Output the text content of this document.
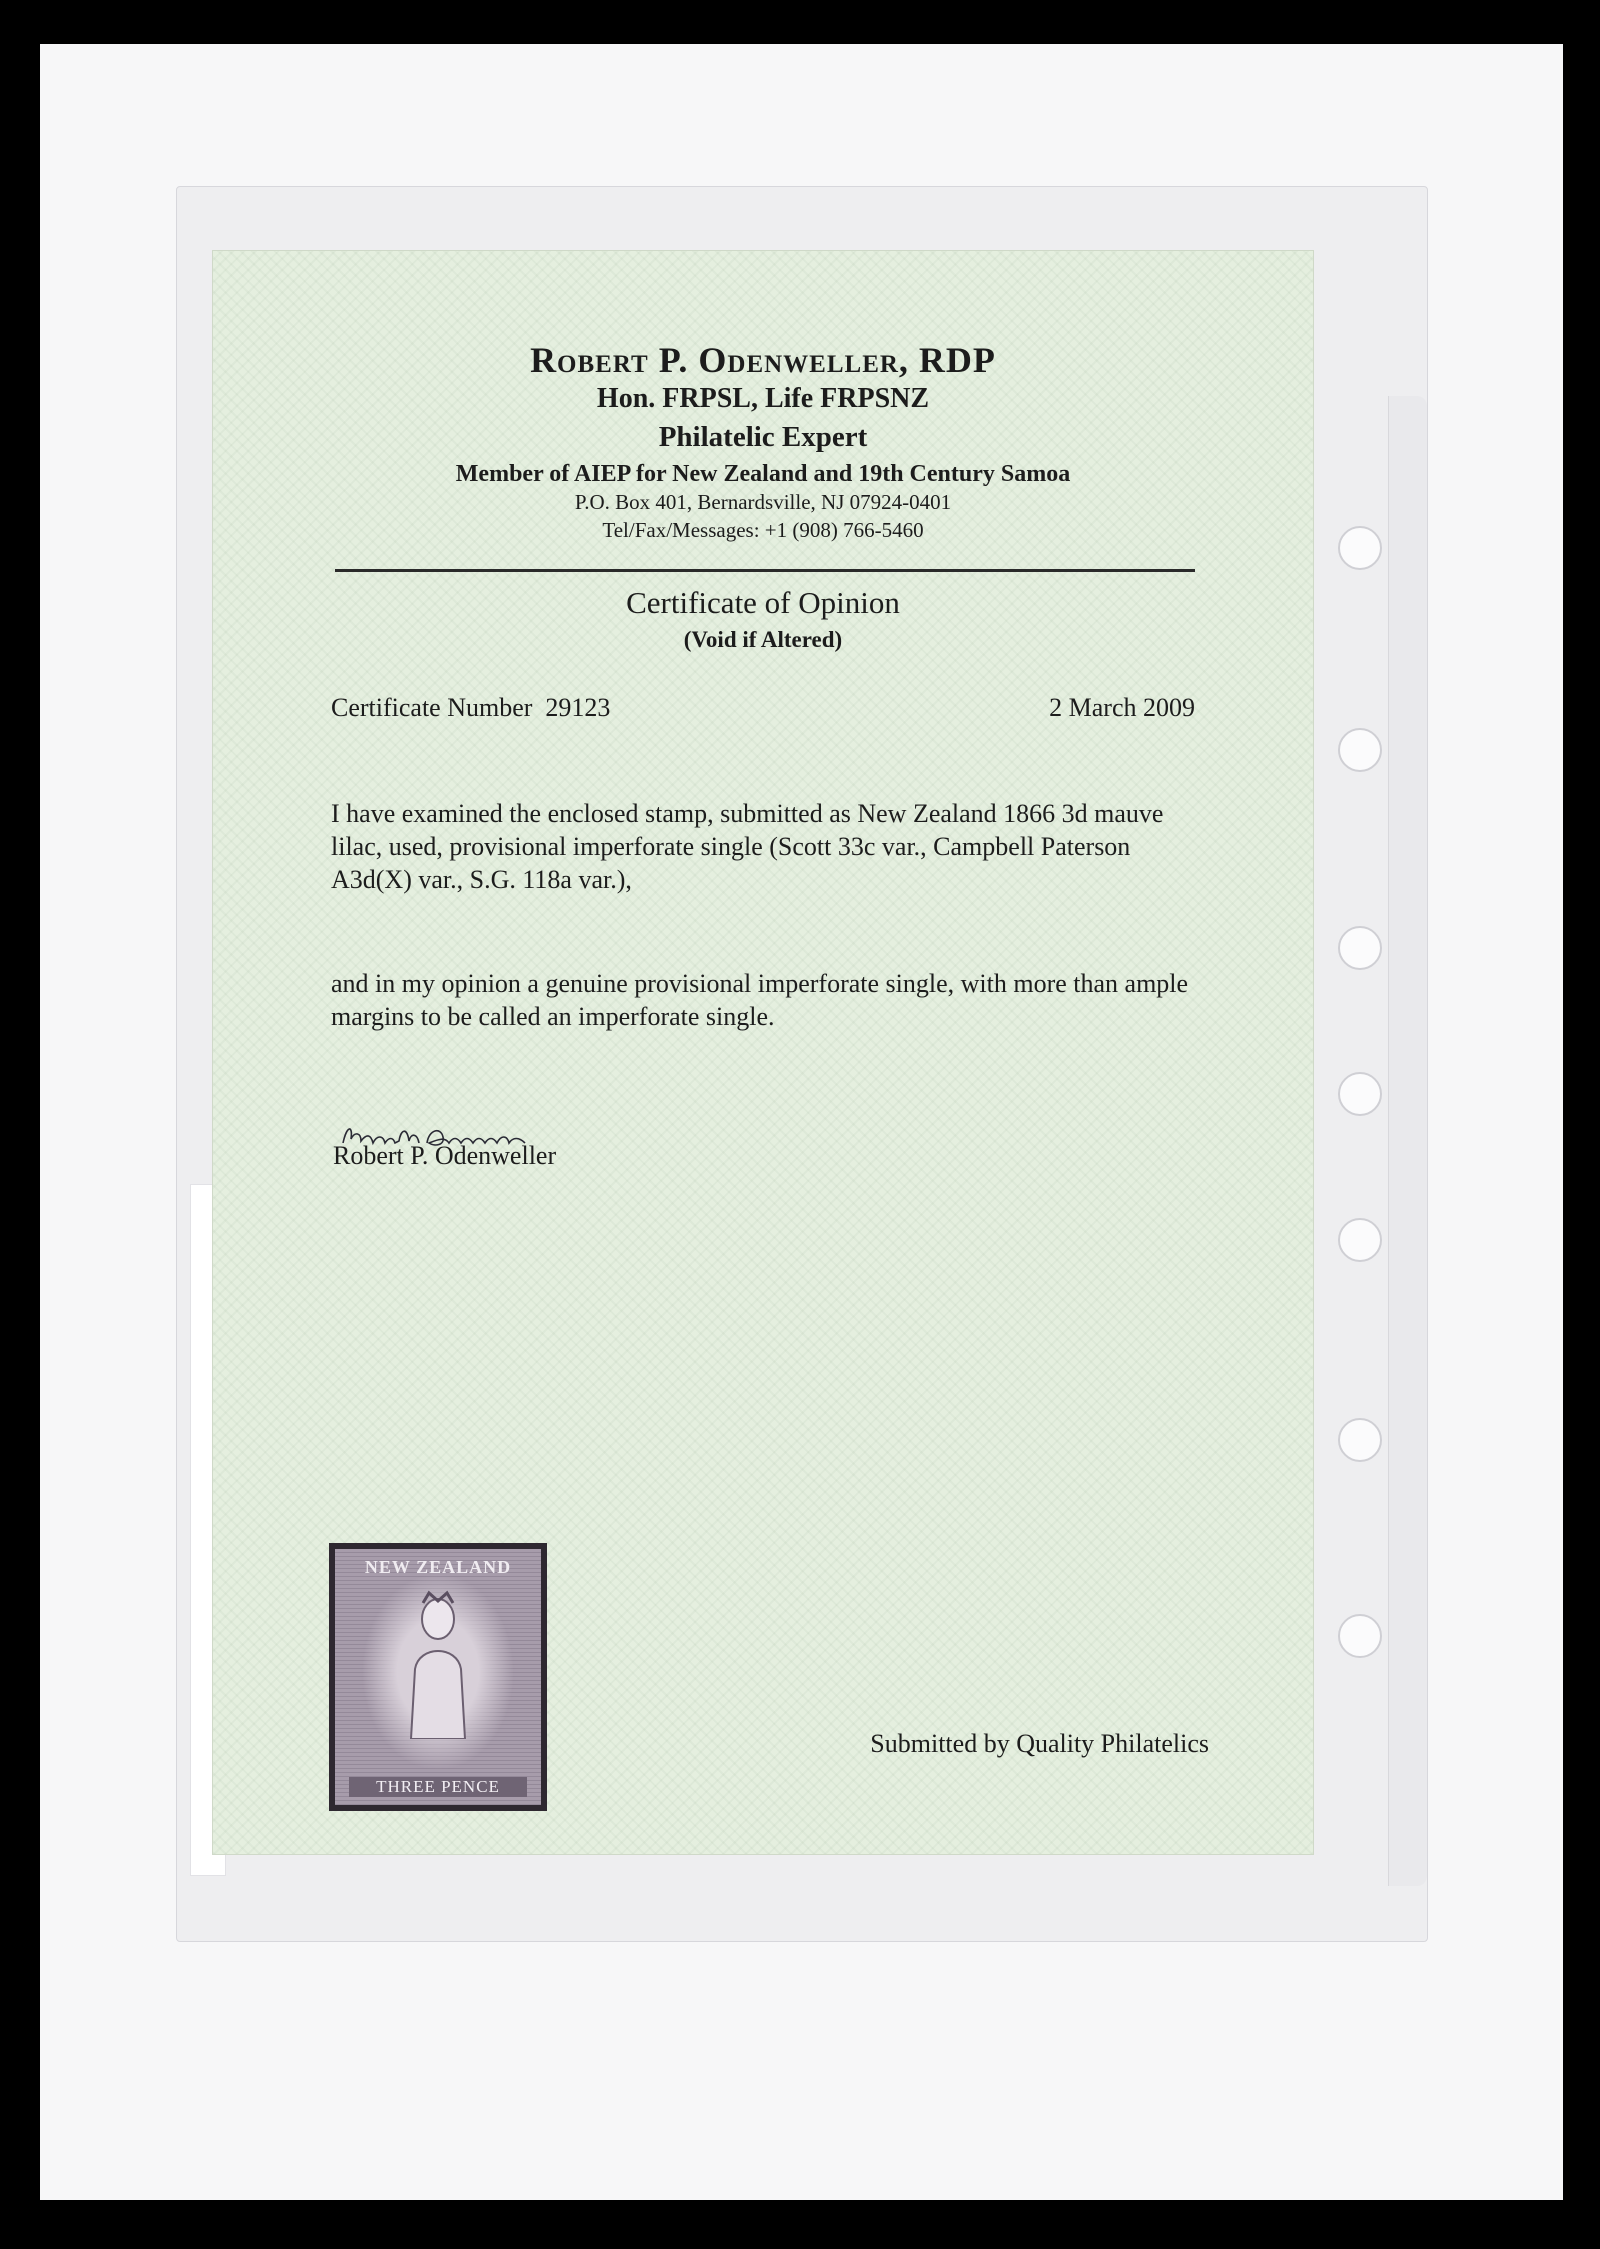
Robert P. Odenweller, RDP
Hon. FRPSL, Life FRPSNZ
Philatelic Expert
Member of AIEP for New Zealand and 19th Century Samoa
P.O. Box 401, Bernardsville, NJ 07924-0401
Tel/Fax/Messages: +1 (908) 766-5460
Certificate of Opinion
(Void if Altered)
Certificate Number  29123	2 March 2009
I have examined the enclosed stamp, submitted as New Zealand 1866 3d mauve lilac, used, provisional imperforate single (Scott 33c var., Campbell Paterson A3d(X) var., S.G. 118a var.),
and in my opinion a genuine provisional imperforate single, with more than ample margins to be called an imperforate single.
Robert P. Odenweller
NEW ZEALAND
THREE PENCE
Submitted by Quality Philatelics
